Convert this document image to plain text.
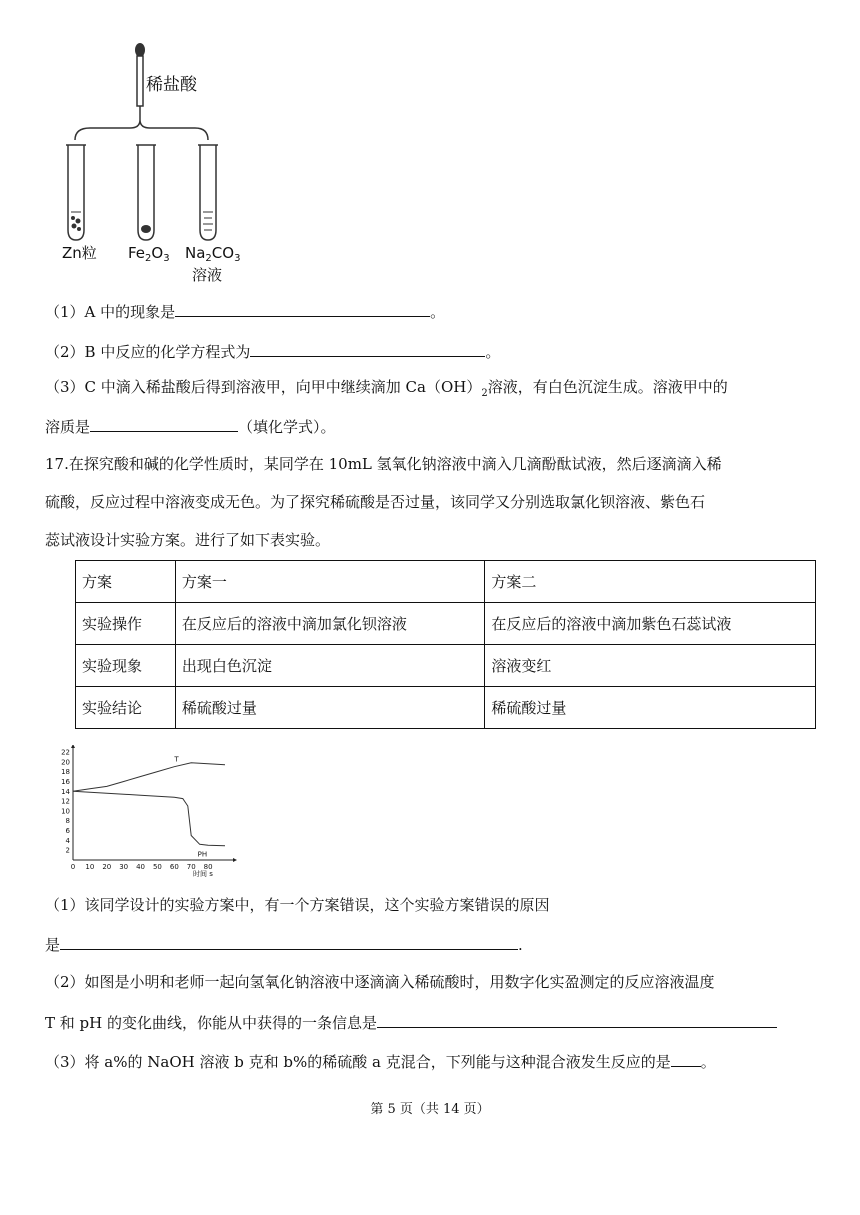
稀盐酸
Zn粒 $Fe_2O_3$ $Na_2CO_3$
溶液
（1）A 中的现象是	。
（2）B 中反应的化学方程式为	。
（3）C 中滴入稀盐酸后得到溶液甲，向甲中继续滴加 $Ca(OH)_2$溶液，有白色沉淀生成。溶液甲中的
溶质是	（填化学式）。
17.在探究酸和碱的化学性质时，某同学在 10mL 氢氧化钠溶液中滴入几滴酚酞试液，然后逐滴滴入稀
硫酸，反应过程中溶液变成无色。为了探究稀硫酸是否过量，该同学又分别选取氯化钡溶液、紫色石
蕊试液设计实验方案。进行了如下表实验。
方案	方案一	方案二
实验操作	在反应后的溶液中滴加氯化钡溶液	在反应后的溶液中滴加紫色石蕊试液
实验现象	出现白色沉淀	溶液变红
实验结论	稀硫酸过量	稀硫酸过量
0 10 20 30 40 50 60 70 80
2
4
6
8
10
12
14
16
18
20
22
T
PH
时间 s
（1）该同学设计的实验方案中，有一个方案错误，这个实验方案错误的原因
是	.
（2）如图是小明和老师一起向氢氧化钠溶液中逐滴滴入稀硫酸时，用数字化实盈测定的反应溶液温度
T 和 pH 的变化曲线，你能从中获得的一条信息是
（3）将 a%的 NaOH 溶液 b 克和 b%的稀硫酸 a 克混合，下列能与这种混合液发生反应的是 。
第 5 页（共 14 页）
